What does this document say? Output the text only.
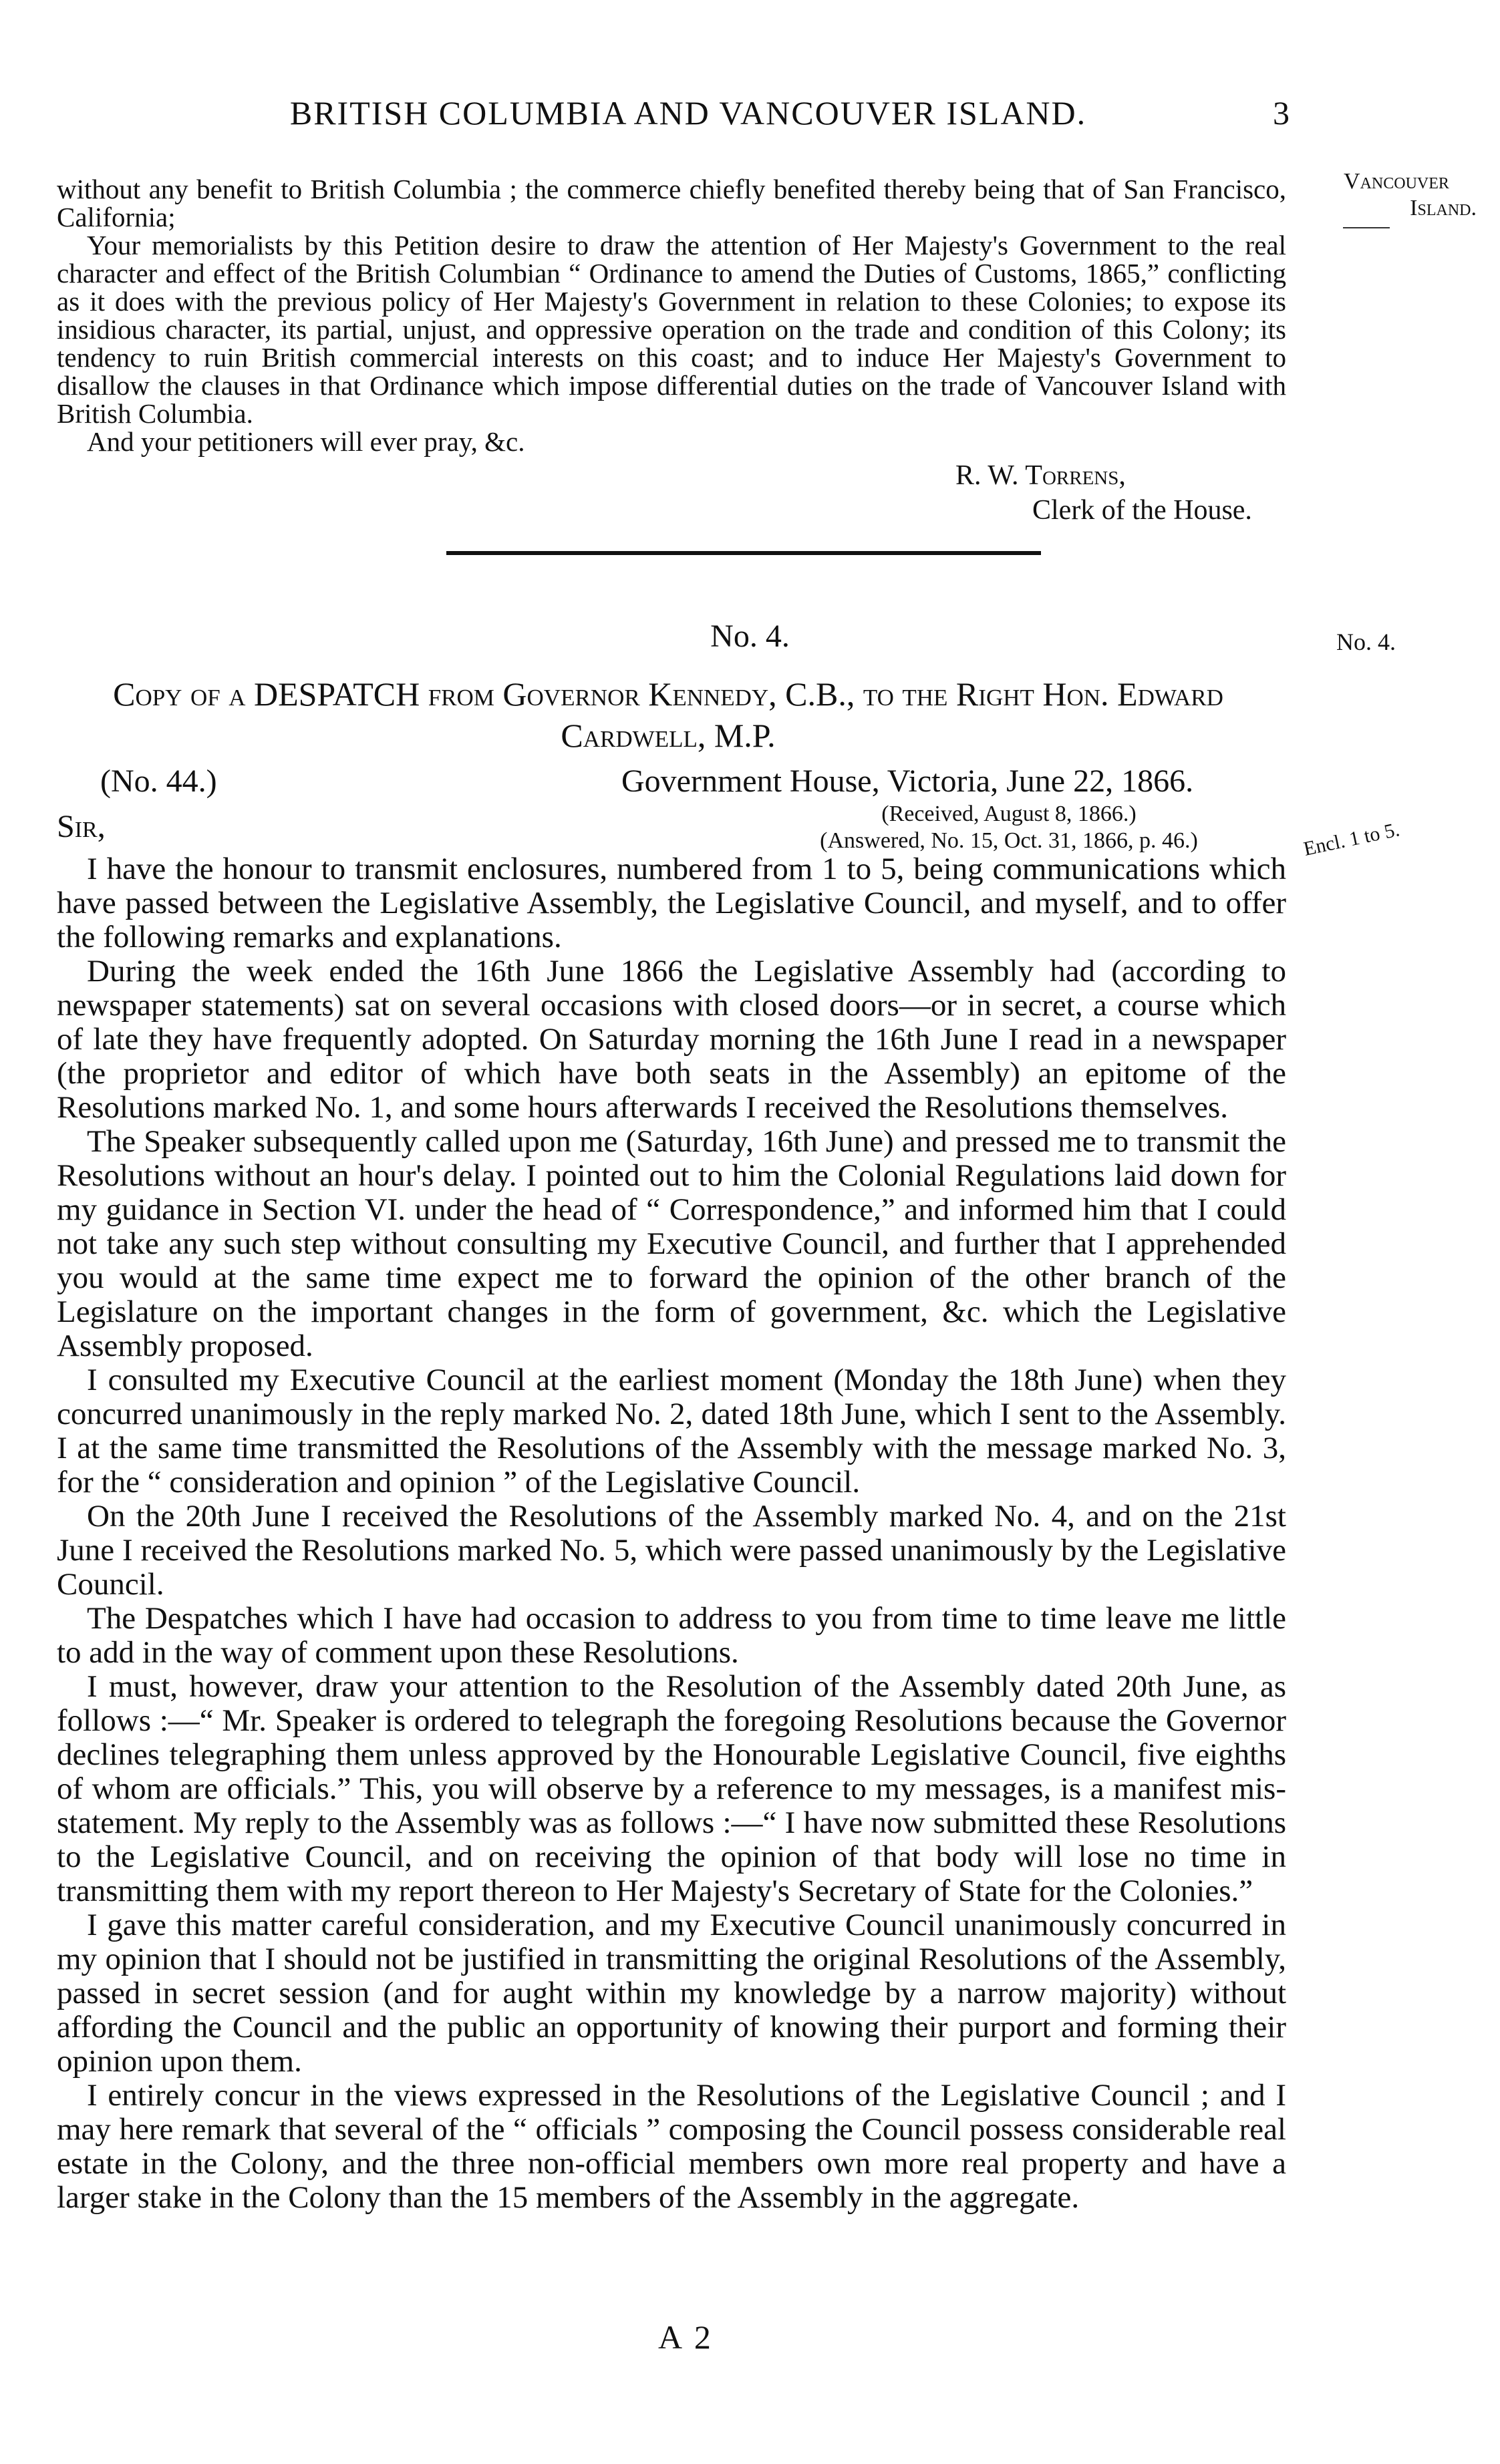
BRITISH COLUMBIA AND VANCOUVER ISLAND.	3
Vancouver
Island.

without any benefit to British Columbia ; the commerce chiefly benefited thereby being that of San Francisco, California;

Your memorialists by this Petition desire to draw the attention of Her Majesty's Government to the real character and effect of the British Columbian “ Ordinance to amend the Duties of Customs, 1865,” conflicting as it does with the previous policy of Her Majesty's Government in relation to these Colonies; to expose its insidious character, its partial, unjust, and oppressive operation on the trade and condition of this Colony; its tendency to ruin British commercial interests on this coast; and to induce Her Majesty's Government to disallow the clauses in that Ordinance which impose differential duties on the trade of Vancouver Island with British Columbia.

And your petitioners will ever pray, &c.

R. W. Torrens,
Clerk of the House.
No. 4.	No. 4.
Copy of a DESPATCH from Governor Kennedy, C.B., to the Right Hon. Edward
Cardwell, M.P.
(No. 44.)	Government House, Victoria, June 22, 1866.
Sir,	(Received, August 8, 1866.)
(Answered, No. 15, Oct. 31, 1866, p. 46.)	Encl. 1 to 5.

I have the honour to transmit enclosures, numbered from 1 to 5, being communications which have passed between the Legislative Assembly, the Legislative Council, and myself, and to offer the following remarks and explanations.

During the week ended the 16th June 1866 the Legislative Assembly had (according to newspaper statements) sat on several occasions with closed doors—or in secret, a course which of late they have frequently adopted. On Saturday morning the 16th June I read in a newspaper (the proprietor and editor of which have both seats in the Assembly) an epitome of the Resolutions marked No. 1, and some hours afterwards I received the Resolutions themselves.

The Speaker subsequently called upon me (Saturday, 16th June) and pressed me to transmit the Resolutions without an hour's delay. I pointed out to him the Colonial Regulations laid down for my guidance in Section VI. under the head of “ Correspondence,” and informed him that I could not take any such step without consulting my Executive Council, and further that I apprehended you would at the same time expect me to forward the opinion of the other branch of the Legislature on the important changes in the form of government, &c. which the Legislative Assembly proposed.

I consulted my Executive Council at the earliest moment (Monday the 18th June) when they concurred unanimously in the reply marked No. 2, dated 18th June, which I sent to the Assembly. I at the same time transmitted the Resolutions of the Assembly with the message marked No. 3, for the “ consideration and opinion ” of the Legislative Council.

On the 20th June I received the Resolutions of the Assembly marked No. 4, and on the 21st June I received the Resolutions marked No. 5, which were passed unanimously by the Legislative Council.

The Despatches which I have had occasion to address to you from time to time leave me little to add in the way of comment upon these Resolutions.

I must, however, draw your attention to the Resolution of the Assembly dated 20th June, as follows :—“ Mr. Speaker is ordered to telegraph the foregoing Resolutions because the Governor declines telegraphing them unless approved by the Honourable Legislative Council, five eighths of whom are officials.” This, you will observe by a reference to my messages, is a manifest mis-statement. My reply to the Assembly was as follows :—“ I have now submitted these Resolutions to the Legislative Council, and on receiving the opinion of that body will lose no time in transmitting them with my report thereon to Her Majesty's Secretary of State for the Colonies.”

I gave this matter careful consideration, and my Executive Council unanimously concurred in my opinion that I should not be justified in transmitting the original Resolutions of the Assembly, passed in secret session (and for aught within my knowledge by a narrow majority) without affording the Council and the public an opportunity of knowing their purport and forming their opinion upon them.

I entirely concur in the views expressed in the Resolutions of the Legislative Council ; and I may here remark that several of the “ officials ” composing the Council possess considerable real estate in the Colony, and the three non-official members own more real property and have a larger stake in the Colony than the 15 members of the Assembly in the aggregate.

A 2
